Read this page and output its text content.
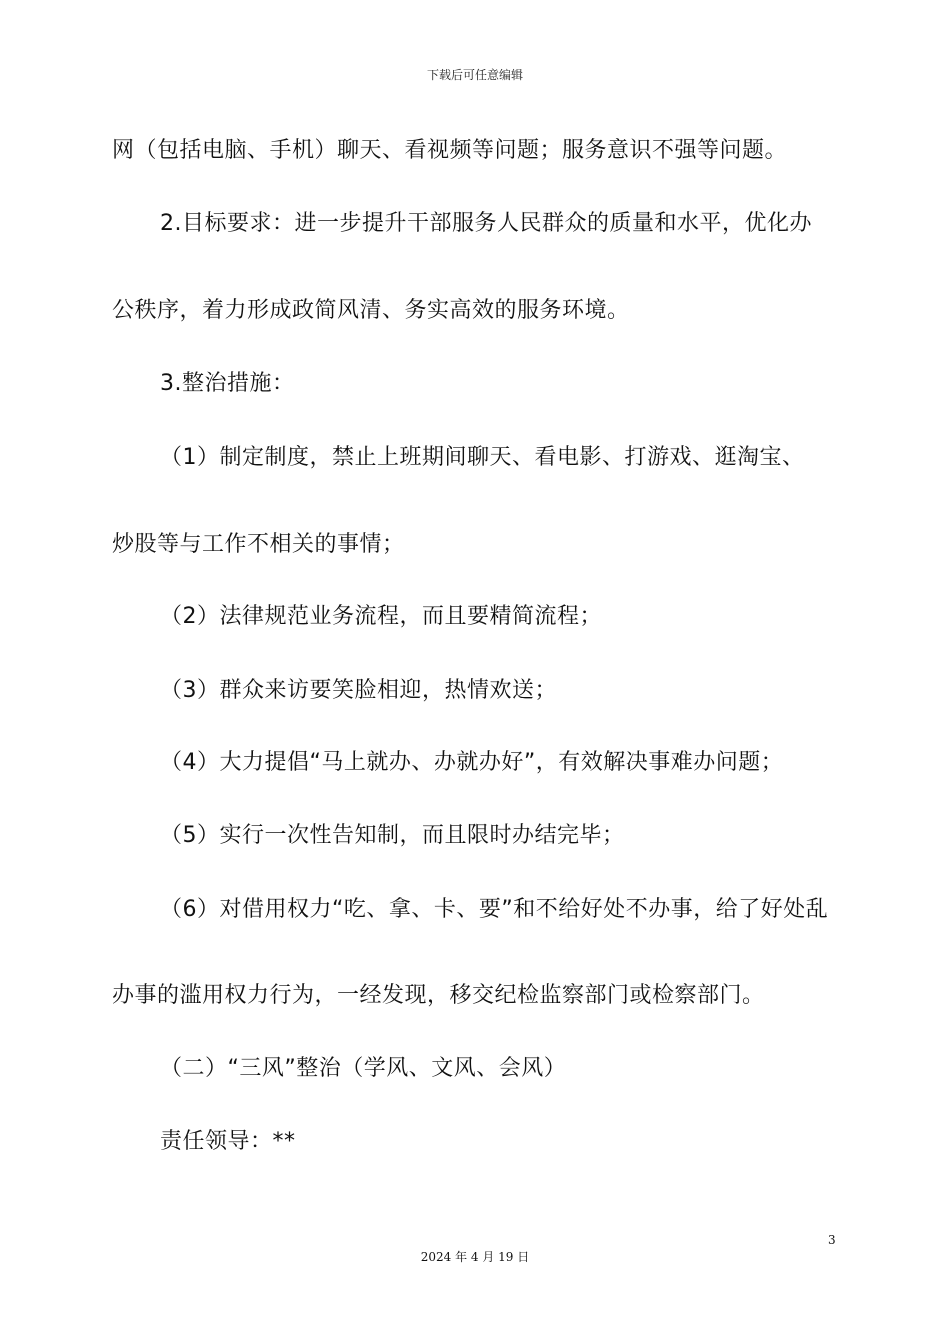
下载后可任意编辑
网（包括电脑、手机）聊天、看视频等问题；服务意识不强等问题。
2.目标要求：进一步提升干部服务人民群众的质量和水平，优化办
公秩序，着力形成政简风清、务实高效的服务环境。
3.整治措施：
（1）制定制度，禁止上班期间聊天、看电影、打游戏、逛淘宝、
炒股等与工作不相关的事情；
（2）法律规范业务流程，而且要精简流程；
（3）群众来访要笑脸相迎，热情欢送；
（4）大力提倡“马上就办、办就办好”，有效解决事难办问题；
（5）实行一次性告知制，而且限时办结完毕；
（6）对借用权力“吃、拿、卡、要”和不给好处不办事，给了好处乱
办事的滥用权力行为，一经发现，移交纪检监察部门或检察部门。
（二）“三风”整治（学风、文风、会风）
责任领导：**
3
2024 年 4 月 19 日
